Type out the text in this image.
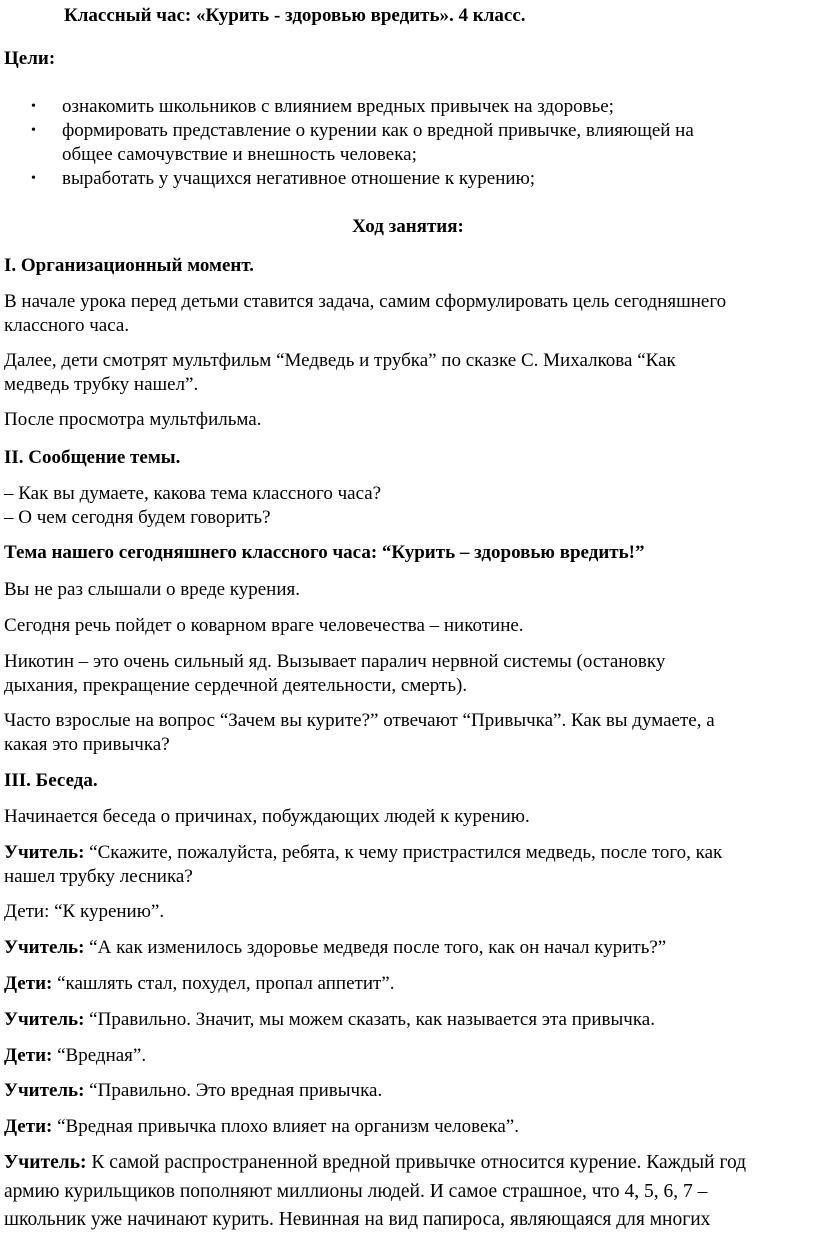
Классный час: «Курить - здоровью вредить». 4 класс.

Цели:

• ознакомить школьников с влиянием вредных привычек на здоровье;

• формировать представление о курении как о вредной привычке, влияющей на

общее самочувствие и внешность человека;

• выработать у учащихся негативное отношение к курению;

Ход занятия:

I. Организационный момент.

В начале урока перед детьми ставится задача, самим сформулировать цель сегодняшнего

классного часа.

Далее, дети смотрят мультфильм “Медведь и трубка” по сказке С. Михалкова “Как

медведь трубку нашел”.

После просмотра мультфильма.

II. Сообщение темы.

– Как вы думаете, какова тема классного часа?

– О чем сегодня будем говорить?

Тема нашего сегодняшнего классного часа: “Курить – здоровью вредить!”

Вы не раз слышали о вреде курения.

Сегодня речь пойдет о коварном враге человечества – никотине.

Никотин – это очень сильный яд. Вызывает паралич нервной системы (остановку

дыхания, прекращение сердечной деятельности, смерть).

Часто взрослые на вопрос “Зачем вы курите?” отвечают “Привычка”. Как вы думаете, а

какая это привычка?

III. Беседа.

Начинается беседа о причинах, побуждающих людей к курению.

Учитель: “Скажите, пожалуйста, ребята, к чему пристрастился медведь, после того, как

нашел трубку лесника?

Дети: “К курению”.

Учитель: “А как изменилось здоровье медведя после того, как он начал курить?”

Дети: “кашлять стал, похудел, пропал аппетит”.

Учитель: “Правильно. Значит, мы можем сказать, как называется эта привычка.

Дети: “Вредная”.

Учитель: “Правильно. Это вредная привычка.

Дети: “Вредная привычка плохо влияет на организм человека”.

Учитель: К самой распространенной вредной привычке относится курение. Каждый год

армию курильщиков пополняют миллионы людей. И самое страшное, что 4, 5, 6, 7 –

школьник уже начинают курить. Невинная на вид папироса, являющаяся для многих
